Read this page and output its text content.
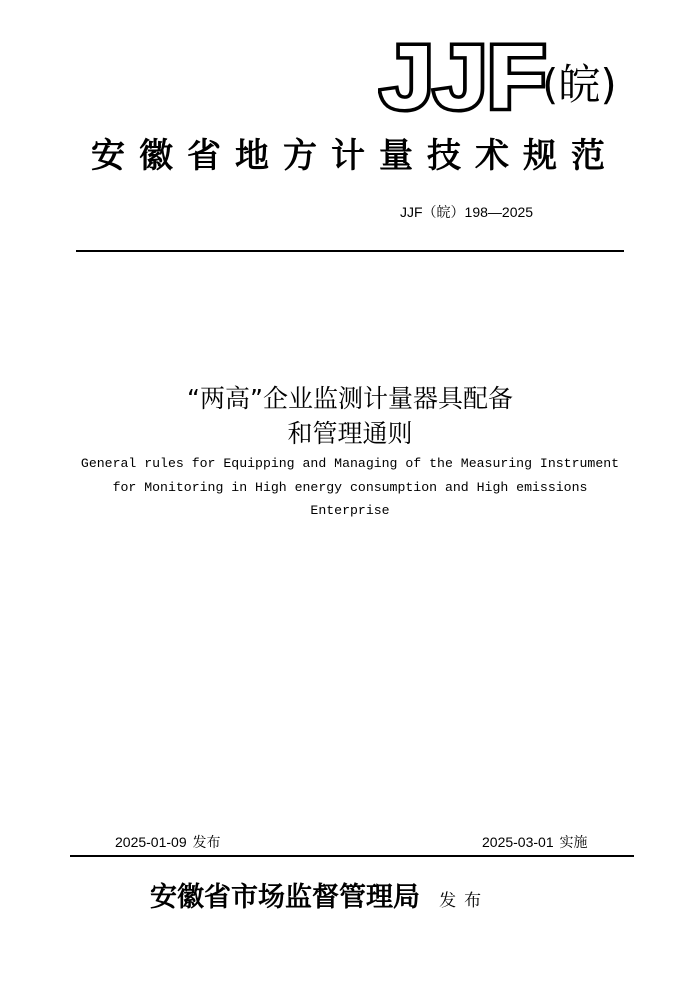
JJF
(皖)
安徽省地方计量技术规范
JJF（皖）198—2025
“两高”企业监测计量器具配备
和管理通则
General rules for Equipping and Managing of the Measuring Instrument
for Monitoring in High energy consumption and High emissions
Enterprise
2025-01-09 发布	2025-03-01 实施
安徽省市场监督管理局 发布
